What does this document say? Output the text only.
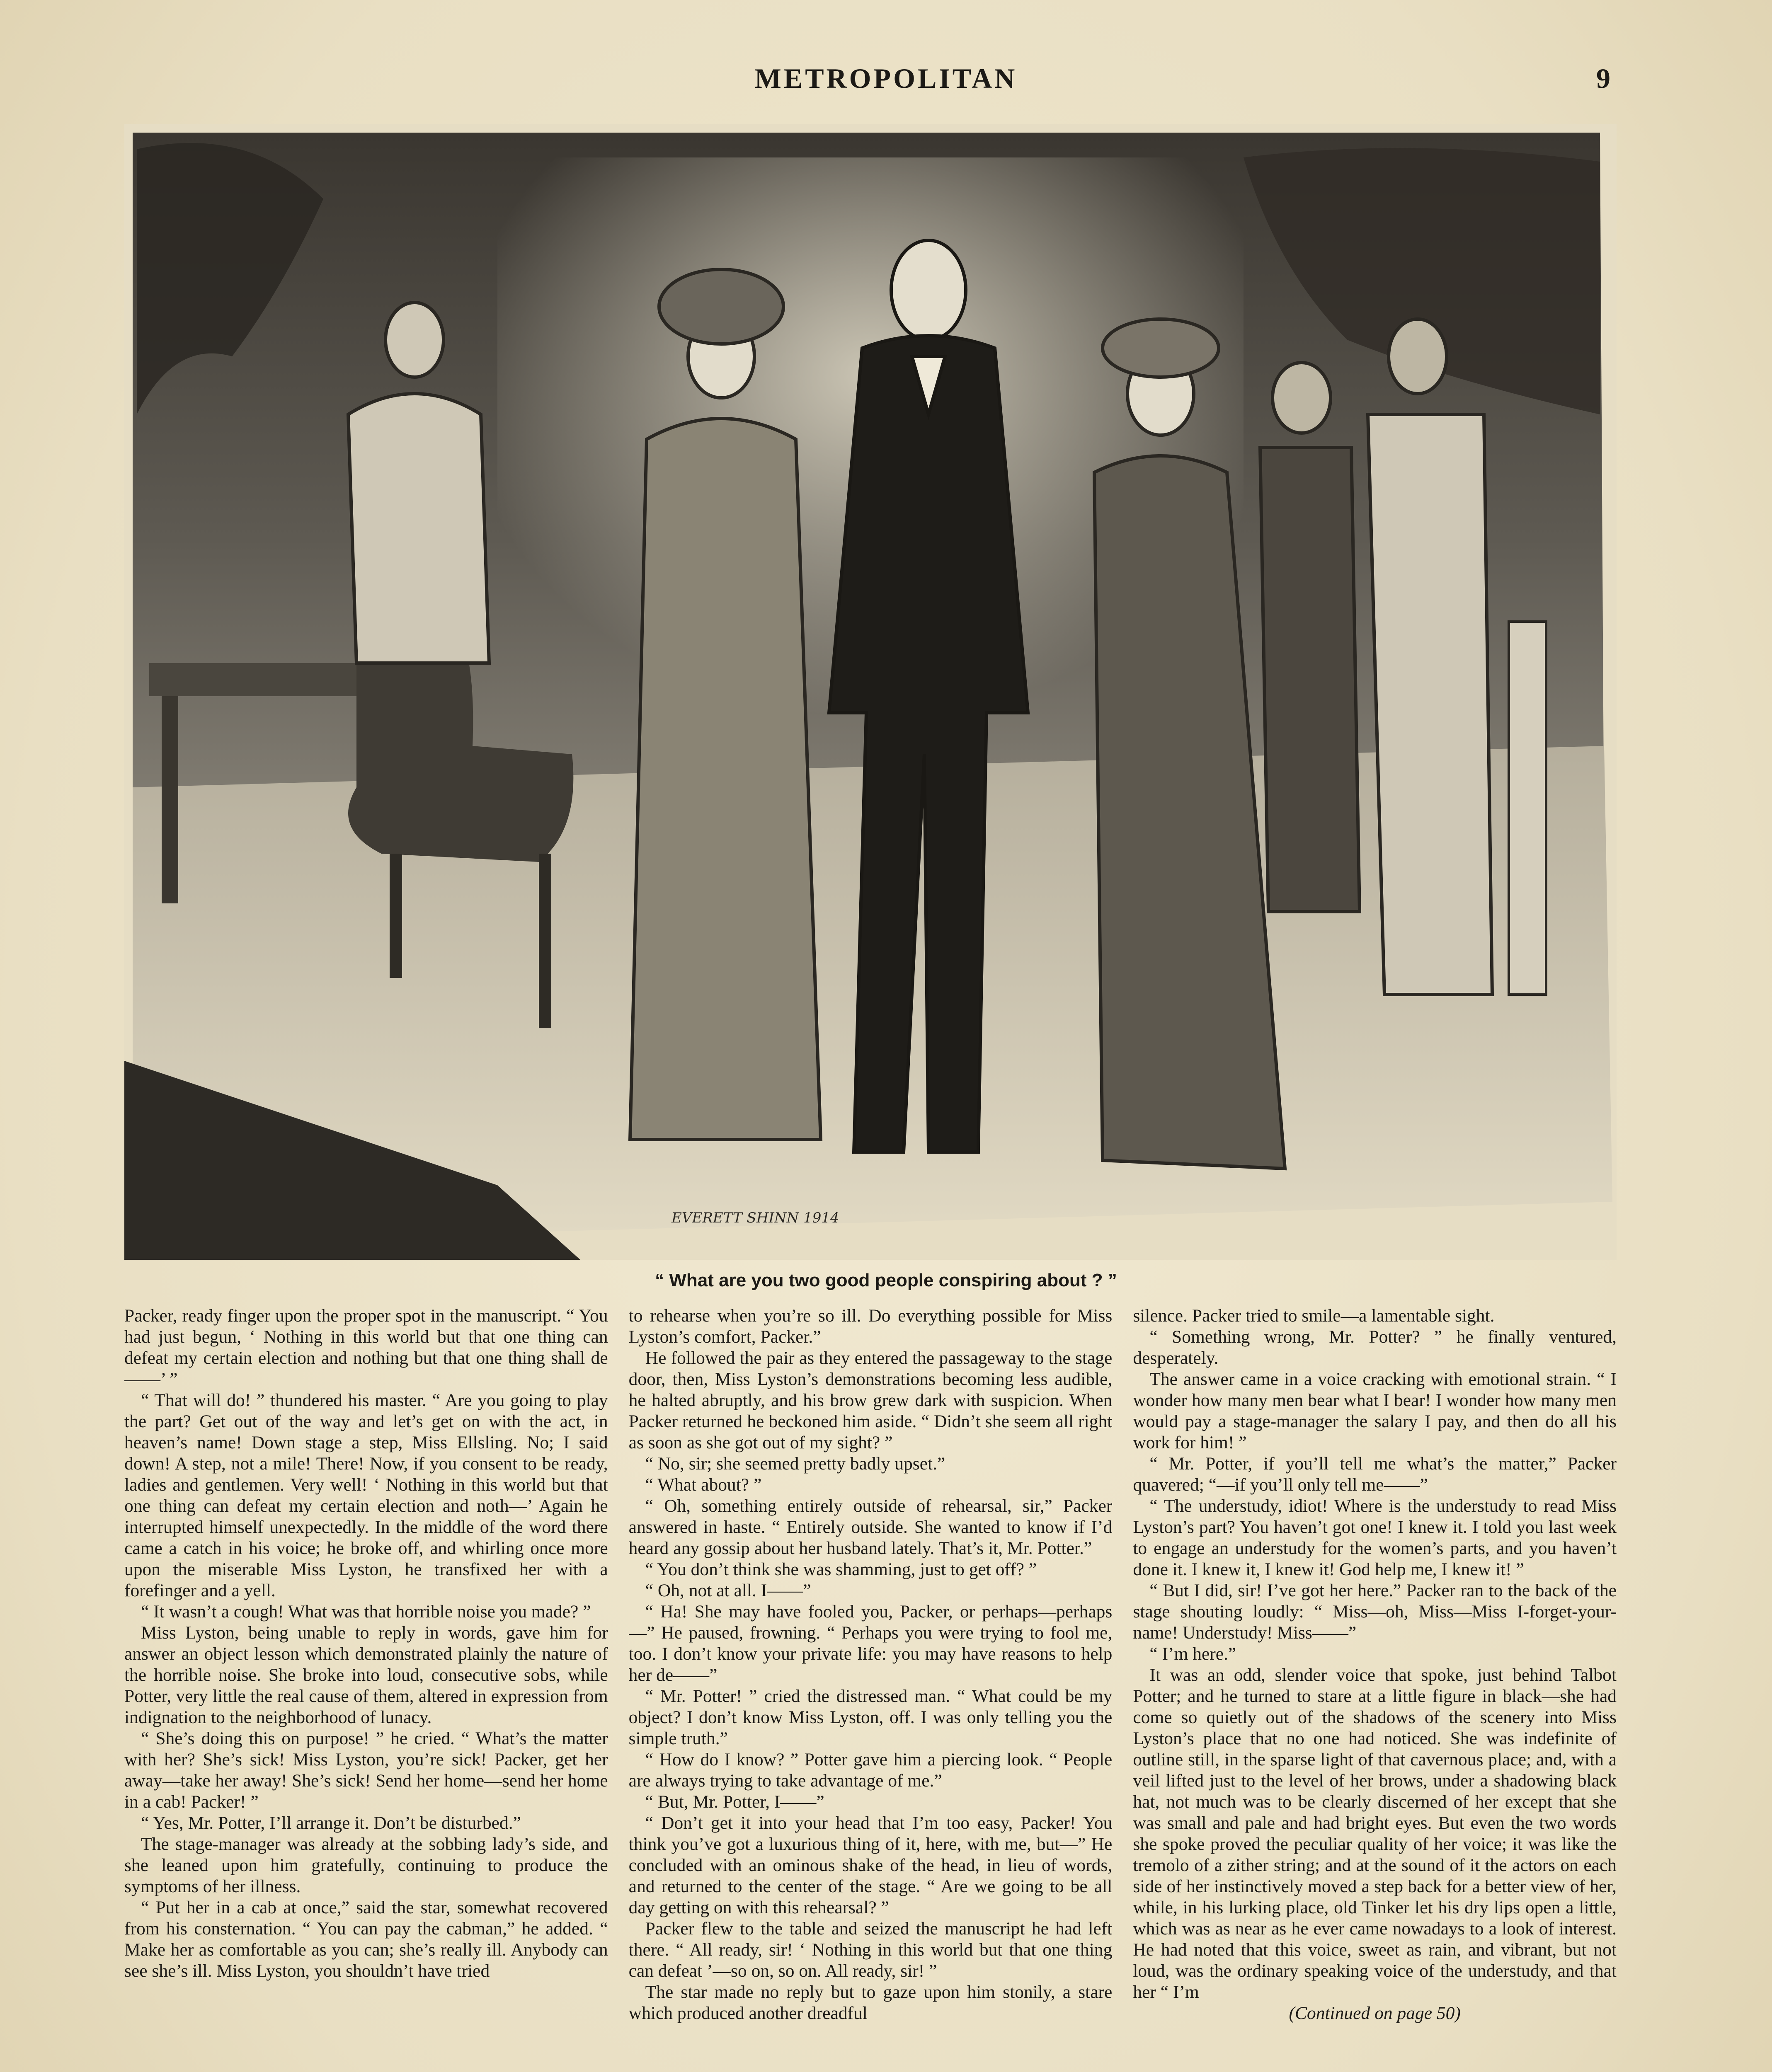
METROPOLITAN	9
EVERETT SHINN 1914
“ What are you two good people conspiring about ? ”

Packer, ready finger upon the proper spot in the manuscript. “ You had just begun, ‘ Nothing in this world but that one thing can defeat my certain election and nothing but that one thing shall de——’ ”

“ That will do! ” thundered his master. “ Are you going to play the part? Get out of the way and let’s get on with the act, in heaven’s name! Down stage a step, Miss Ellsling. No; I said down! A step, not a mile! There! Now, if you consent to be ready, ladies and gentlemen. Very well! ‘ Nothing in this world but that one thing can defeat my certain election and noth—’ Again he interrupted himself unexpectedly. In the middle of the word there came a catch in his voice; he broke off, and whirling once more upon the miserable Miss Lyston, he transfixed her with a forefinger and a yell.

“ It wasn’t a cough! What was that horrible noise you made? ”

Miss Lyston, being unable to reply in words, gave him for answer an object lesson which demonstrated plainly the nature of the horrible noise. She broke into loud, consecutive sobs, while Potter, very little the real cause of them, altered in expression from indignation to the neighborhood of lunacy.

“ She’s doing this on purpose! ” he cried. “ What’s the matter with her? She’s sick! Miss Lyston, you’re sick! Packer, get her away—take her away! She’s sick! Send her home—send her home in a cab! Packer! ”

“ Yes, Mr. Potter, I’ll arrange it. Don’t be disturbed.”

The stage-manager was already at the sobbing lady’s side, and she leaned upon him gratefully, continuing to produce the symptoms of her illness.

“ Put her in a cab at once,” said the star, somewhat recovered from his consternation. “ You can pay the cabman,” he added. “ Make her as comfortable as you can; she’s really ill. Anybody can see she’s ill. Miss Lyston, you shouldn’t have tried

to rehearse when you’re so ill. Do everything possible for Miss Lyston’s comfort, Packer.”

He followed the pair as they entered the passageway to the stage door, then, Miss Lyston’s demonstrations becoming less audible, he halted abruptly, and his brow grew dark with suspicion. When Packer returned he beckoned him aside. “ Didn’t she seem all right as soon as she got out of my sight? ”

“ No, sir; she seemed pretty badly upset.”

“ What about? ”

“ Oh, something entirely outside of rehearsal, sir,” Packer answered in haste. “ Entirely outside. She wanted to know if I’d heard any gossip about her husband lately. That’s it, Mr. Potter.”

“ You don’t think she was shamming, just to get off? ”

“ Oh, not at all. I——”

“ Ha! She may have fooled you, Packer, or perhaps—perhaps—” He paused, frowning. “ Perhaps you were trying to fool me, too. I don’t know your private life: you may have reasons to help her de——”

“ Mr. Potter! ” cried the distressed man. “ What could be my object? I don’t know Miss Lyston, off. I was only telling you the simple truth.”

“ How do I know? ” Potter gave him a piercing look. “ People are always trying to take advantage of me.”

“ But, Mr. Potter, I——”

“ Don’t get it into your head that I’m too easy, Packer! You think you’ve got a luxurious thing of it, here, with me, but—” He concluded with an ominous shake of the head, in lieu of words, and returned to the center of the stage. “ Are we going to be all day getting on with this rehearsal? ”

Packer flew to the table and seized the manuscript he had left there. “ All ready, sir! ‘ Nothing in this world but that one thing can defeat ’—so on, so on. All ready, sir! ”

The star made no reply but to gaze upon him stonily, a stare which produced another dreadful

silence. Packer tried to smile—a lamentable sight.

“ Something wrong, Mr. Potter? ” he finally ventured, desperately.

The answer came in a voice cracking with emotional strain. “ I wonder how many men bear what I bear! I wonder how many men would pay a stage-manager the salary I pay, and then do all his work for him! ”

“ Mr. Potter, if you’ll tell me what’s the matter,” Packer quavered; “—if you’ll only tell me——”

“ The understudy, idiot! Where is the understudy to read Miss Lyston’s part? You haven’t got one! I knew it. I told you last week to engage an understudy for the women’s parts, and you haven’t done it. I knew it, I knew it! God help me, I knew it! ”

“ But I did, sir! I’ve got her here.” Packer ran to the back of the stage shouting loudly: “ Miss—oh, Miss—Miss I-forget-your-name! Understudy! Miss——”

“ I’m here.”

It was an odd, slender voice that spoke, just behind Talbot Potter; and he turned to stare at a little figure in black—she had come so quietly out of the shadows of the scenery into Miss Lyston’s place that no one had noticed. She was indefinite of outline still, in the sparse light of that cavernous place; and, with a veil lifted just to the level of her brows, under a shadowing black hat, not much was to be clearly discerned of her except that she was small and pale and had bright eyes. But even the two words she spoke proved the peculiar quality of her voice; it was like the tremolo of a zither string; and at the sound of it the actors on each side of her instinctively moved a step back for a better view of her, while, in his lurking place, old Tinker let his dry lips open a little, which was as near as he ever came nowadays to a look of interest. He had noted that this voice, sweet as rain, and vibrant, but not loud, was the ordinary speaking voice of the understudy, and that her “ I’m

(Continued on page 50)
